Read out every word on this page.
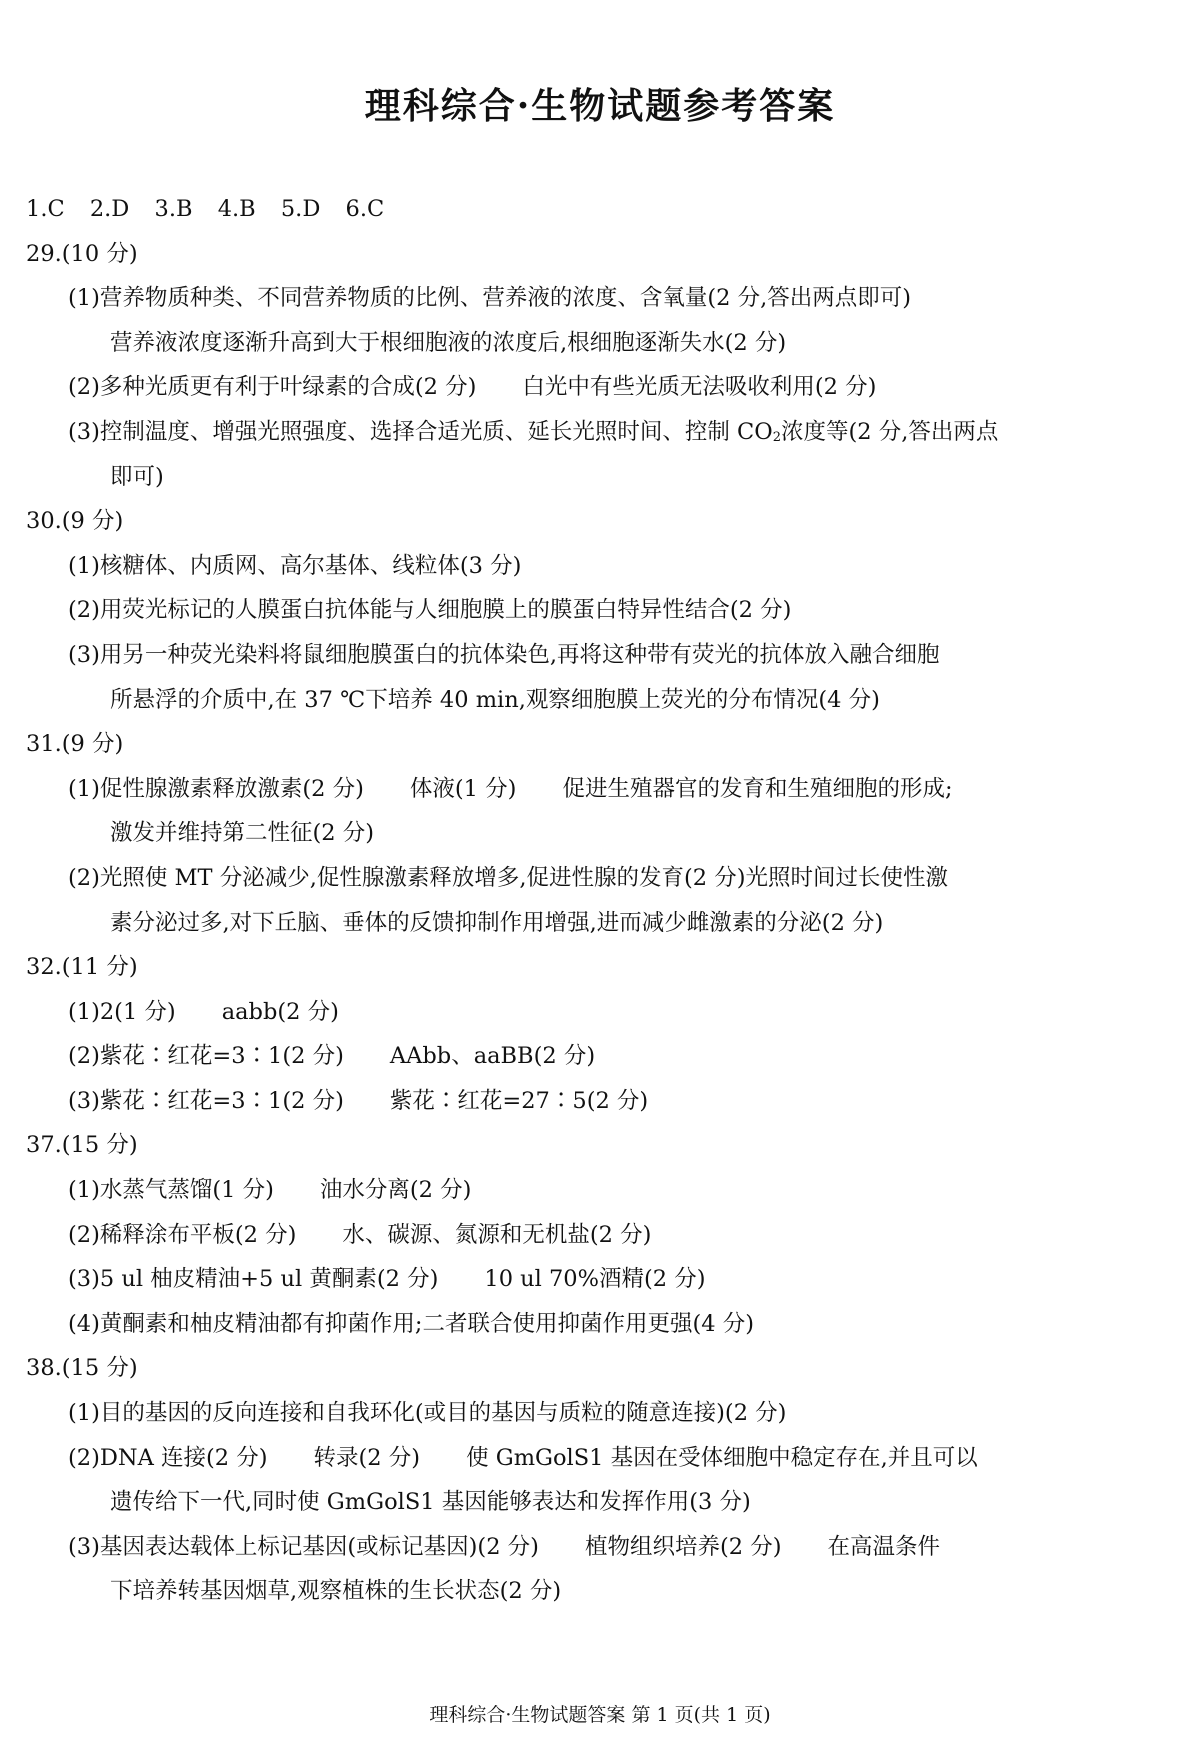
理科综合·生物试题参考答案
1.C 2.D 3.B 4.B 5.D 6.C
29.(10 分)
(1)营养物质种类、不同营养物质的比例、营养液的浓度、含氧量(2 分,答出两点即可)
营养液浓度逐渐升高到大于根细胞液的浓度后,根细胞逐渐失水(2 分)
(2)多种光质更有利于叶绿素的合成(2 分) 白光中有些光质无法吸收利用(2 分)
(3)控制温度、增强光照强度、选择合适光质、延长光照时间、控制 $CO_2$浓度等(2 分,答出两点
即可)
30.(9 分)
(1)核糖体、内质网、高尔基体、线粒体(3 分)
(2)用荧光标记的人膜蛋白抗体能与人细胞膜上的膜蛋白特异性结合(2 分)
(3)用另一种荧光染料将鼠细胞膜蛋白的抗体染色,再将这种带有荧光的抗体放入融合细胞
所悬浮的介质中,在 37 ℃下培养 40 min,观察细胞膜上荧光的分布情况(4 分)
31.(9 分)
(1)促性腺激素释放激素(2 分) 体液(1 分) 促进生殖器官的发育和生殖细胞的形成;
激发并维持第二性征(2 分)
(2)光照使 MT 分泌减少,促性腺激素释放增多,促进性腺的发育(2 分)光照时间过长使性激
素分泌过多,对下丘脑、垂体的反馈抑制作用增强,进而减少雌激素的分泌(2 分)
32.(11 分)
(1)2(1 分) aabb(2 分)
(2)紫花∶红花=3∶1(2 分) AAbb、aaBB(2 分)
(3)紫花∶红花=3∶1(2 分) 紫花∶红花=27∶5(2 分)
37.(15 分)
(1)水蒸气蒸馏(1 分) 油水分离(2 分)
(2)稀释涂布平板(2 分) 水、碳源、氮源和无机盐(2 分)
(3)5 ul 柚皮精油+5 ul 黄酮素(2 分) 10 ul 70%酒精(2 分)
(4)黄酮素和柚皮精油都有抑菌作用;二者联合使用抑菌作用更强(4 分)
38.(15 分)
(1)目的基因的反向连接和自我环化(或目的基因与质粒的随意连接)(2 分)
(2)DNA 连接(2 分) 转录(2 分) 使 GmGolS1 基因在受体细胞中稳定存在,并且可以
遗传给下一代,同时使 GmGolS1 基因能够表达和发挥作用(3 分)
(3)基因表达载体上标记基因(或标记基因)(2 分) 植物组织培养(2 分) 在高温条件
下培养转基因烟草,观察植株的生长状态(2 分)
理科综合·生物试题答案 第 1 页(共 1 页)
